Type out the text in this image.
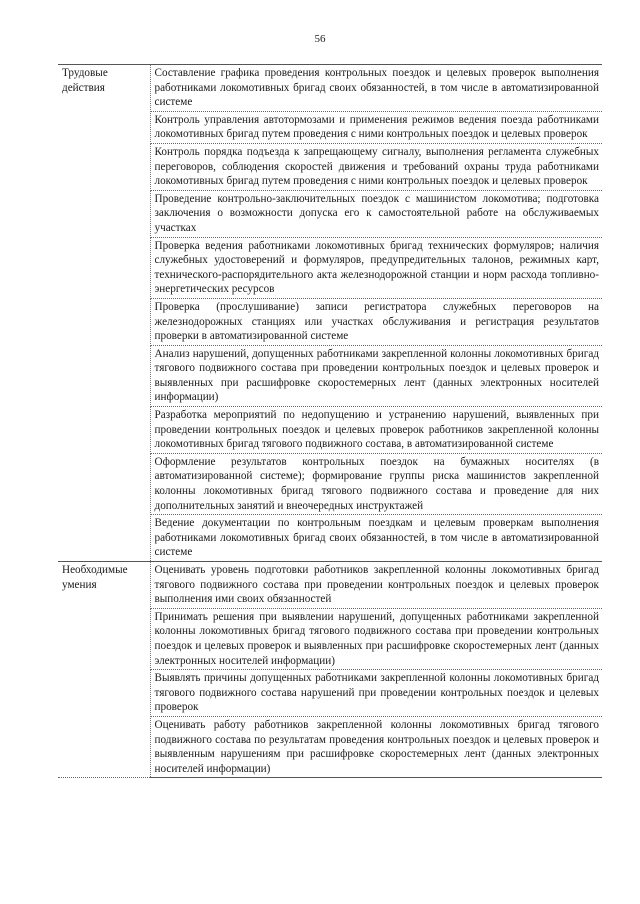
56
Трудовые действия	Составление графика проведения контрольных поездок и целевых проверок выполнения работниками локомотивных бригад своих обязанностей, в том числе в автоматизированной системе
	Контроль управления автотормозами и применения режимов ведения поезда работниками локомотивных бригад путем проведения с ними контрольных поездок и целевых проверок
	Контроль порядка подъезда к запрещающему сигналу, выполнения регламента служебных переговоров, соблюдения скоростей движения и требований охраны труда работниками локомотивных бригад путем проведения с ними контрольных поездок и целевых проверок
	Проведение контрольно-заключительных поездок с машинистом локомотива; подготовка заключения о возможности допуска его к самостоятельной работе на обслуживаемых участках
	Проверка ведения работниками локомотивных бригад технических формуляров; наличия служебных удостоверений и формуляров, предупредительных талонов, режимных карт, технического-распорядительного акта железнодорожной станции и норм расхода топливно-энергетических ресурсов
	Проверка (прослушивание) записи регистратора служебных переговоров на железнодорожных станциях или участках обслуживания и регистрация результатов проверки в автоматизированной системе
	Анализ нарушений, допущенных работниками закрепленной колонны локомотивных бригад тягового подвижного состава при проведении контрольных поездок и целевых проверок и выявленных при расшифровке скоростемерных лент (данных электронных носителей информации)
	Разработка мероприятий по недопущению и устранению нарушений, выявленных при проведении контрольных поездок и целевых проверок работников закрепленной колонны локомотивных бригад тягового подвижного состава, в автоматизированной системе
	Оформление результатов контрольных поездок на бумажных носителях (в автоматизированной системе); формирование группы риска машинистов закрепленной колонны локомотивных бригад тягового подвижного состава и проведение для них дополнительных занятий и внеочередных инструктажей
	Ведение документации по контрольным поездкам и целевым проверкам выполнения работниками локомотивных бригад своих обязанностей, в том числе в автоматизированной системе

Необходимые умения	Оценивать уровень подготовки работников закрепленной колонны локомотивных бригад тягового подвижного состава при проведении контрольных поездок и целевых проверок выполнения ими своих обязанностей
	Принимать решения при выявлении нарушений, допущенных работниками закрепленной колонны локомотивных бригад тягового подвижного состава при проведении контрольных поездок и целевых проверок и выявленных при расшифровке скоростемерных лент (данных электронных носителей информации)
	Выявлять причины допущенных работниками закрепленной колонны локомотивных бригад тягового подвижного состава нарушений при проведении контрольных поездок и целевых проверок
	Оценивать работу работников закрепленной колонны локомотивных бригад тягового подвижного состава по результатам проведения контрольных поездок и целевых проверок и выявленным нарушениям при расшифровке скоростемерных лент (данных электронных носителей информации)
